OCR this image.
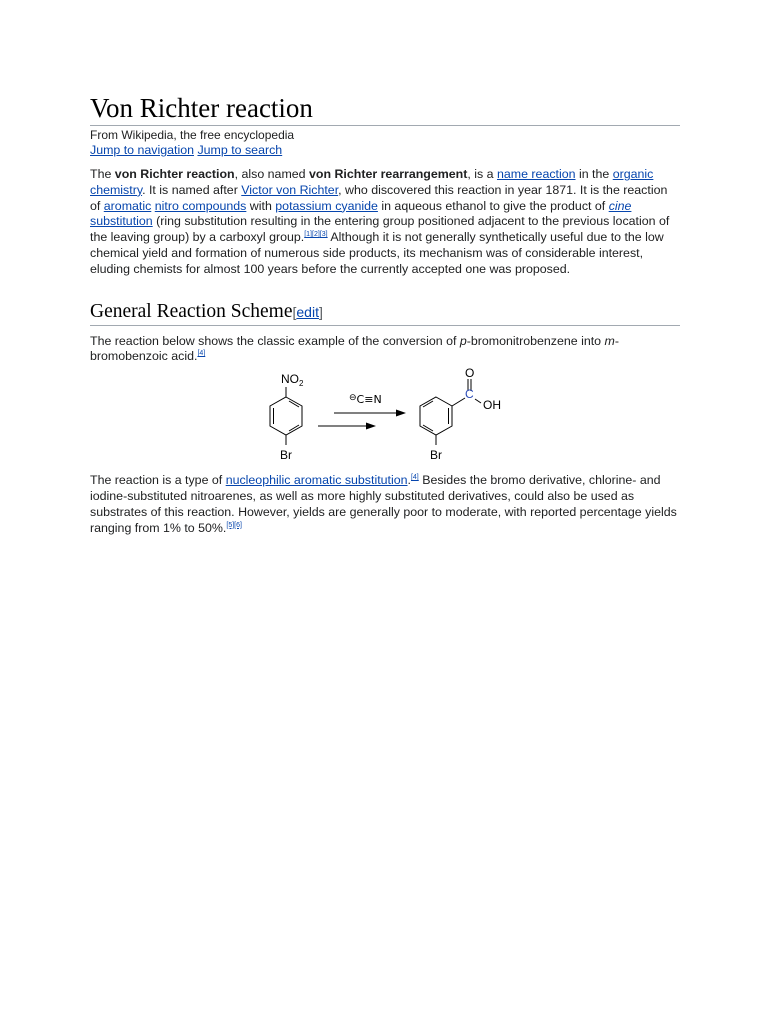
Von Richter reaction
From Wikipedia, the free encyclopedia
Jump to navigation Jump to search

The von Richter reaction, also named von Richter rearrangement, is a name reaction in the organic chemistry. It is named after Victor von Richter, who discovered this reaction in year 1871. It is the reaction of aromatic nitro compounds with potassium cyanide in aqueous ethanol to give the product of cine substitution (ring substitution resulting in the entering group positioned adjacent to the previous location of the leaving group) by a carboxyl group.[1][2][3] Although it is not generally synthetically useful due to the low chemical yield and formation of numerous side products, its mechanism was of considerable interest, eluding chemists for almost 100 years before the currently accepted one was proposed.

General Reaction Scheme[edit]

The reaction below shows the classic example of the conversion of p-bromonitrobenzene into m-bromobenzoic acid.[4]

$NO_2$
Br
⊖C≡N
O
C
OH
Br

The reaction is a type of nucleophilic aromatic substitution.[4] Besides the bromo derivative, chlorine- and iodine-substituted nitroarenes, as well as more highly substituted derivatives, could also be used as substrates of this reaction. However, yields are generally poor to moderate, with reported percentage yields ranging from 1% to 50%.[5][6]
